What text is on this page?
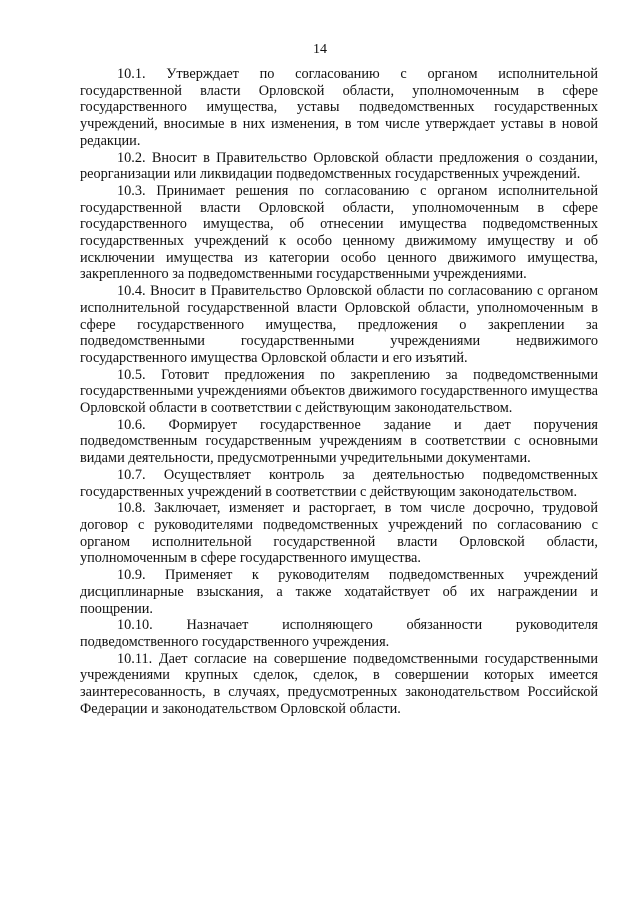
14

10.1. Утверждает по согласованию с органом исполнительной государственной власти Орловской области, уполномоченным в сфере государственного имущества, уставы подведомственных государственных учреждений, вносимые в них изменения, в том числе утверждает уставы в новой редакции.

10.2. Вносит в Правительство Орловской области предложения о создании, реорганизации или ликвидации подведомственных государственных учреждений.

10.3. Принимает решения по согласованию с органом исполнительной государственной власти Орловской области, уполномоченным в сфере государственного имущества, об отнесении имущества подведомственных государственных учреждений к особо ценному движимому имуществу и об исключении имущества из категории особо ценного движимого имущества, закрепленного за подведомственными государственными учреждениями.

10.4. Вносит в Правительство Орловской области по согласованию с органом исполнительной государственной власти Орловской области, уполномоченным в сфере государственного имущества, предложения о закреплении за подведомственными государственными учреждениями недвижимого государственного имущества Орловской области и его изъятий.

10.5. Готовит предложения по закреплению за подведомственными государственными учреждениями объектов движимого государственного имущества Орловской области в соответствии с действующим законодательством.

10.6. Формирует государственное задание и дает поручения подведомственным государственным учреждениям в соответствии с основными видами деятельности, предусмотренными учредительными документами.

10.7. Осуществляет контроль за деятельностью подведомственных государственных учреждений в соответствии с действующим законодательством.

10.8. Заключает, изменяет и расторгает, в том числе досрочно, трудовой договор с руководителями подведомственных учреждений по согласованию с органом исполнительной государственной власти Орловской области, уполномоченным в сфере государственного имущества.

10.9. Применяет к руководителям подведомственных учреждений дисциплинарные взыскания, а также ходатайствует об их награждении и поощрении.

10.10. Назначает исполняющего обязанности руководителя подведомственного государственного учреждения.

10.11. Дает согласие на совершение подведомственными государственными учреждениями крупных сделок, сделок, в совершении которых имеется заинтересованность, в случаях, предусмотренных законодательством Российской Федерации и законодательством Орловской области.
